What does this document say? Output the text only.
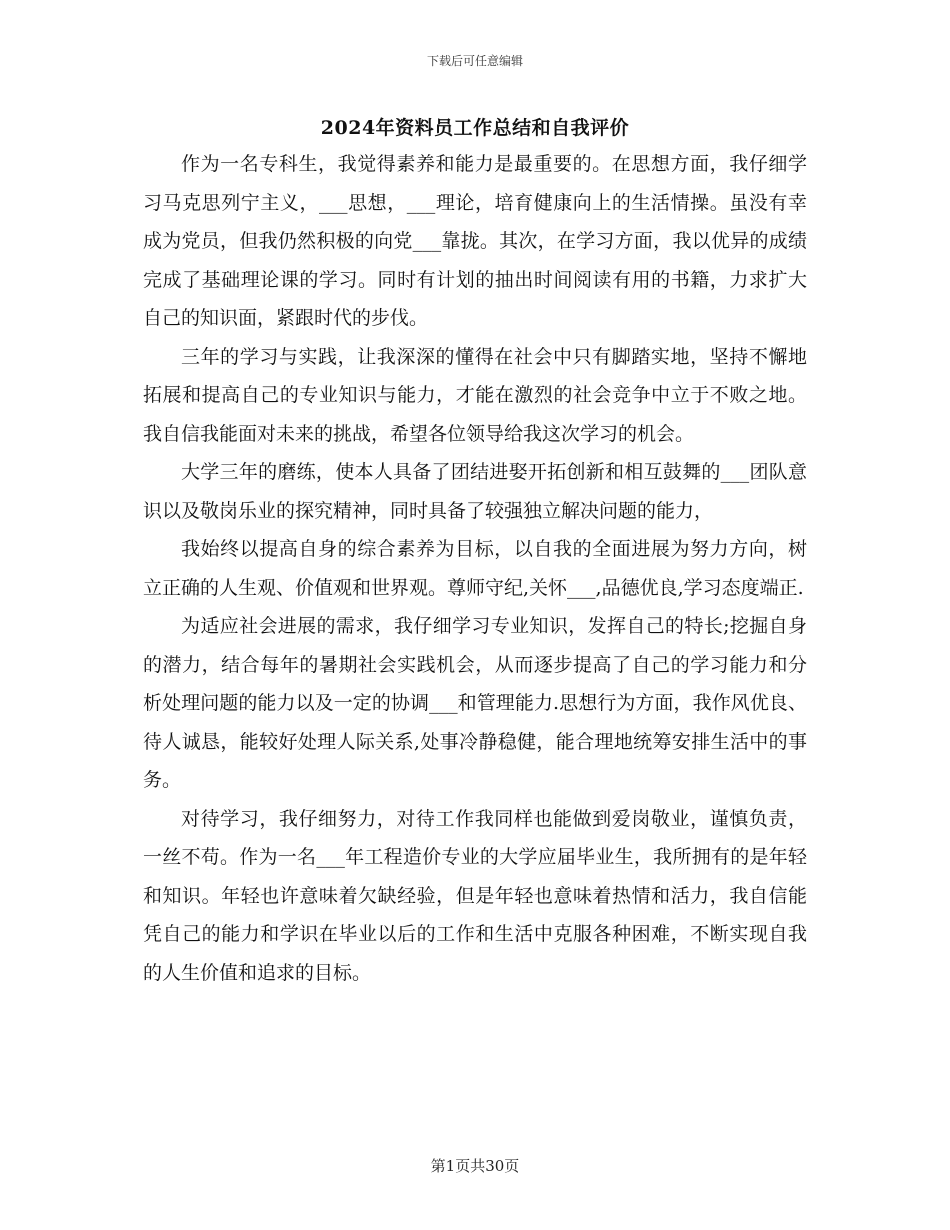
下载后可任意编辑
2024年资料员工作总结和自我评价

作为一名专科生，我觉得素养和能力是最重要的。在思想方面，我仔细学习马克思列宁主义，___思想，___理论，培育健康向上的生活情操。虽没有幸成为党员，但我仍然积极的向党___靠拢。其次，在学习方面，我以优异的成绩完成了基础理论课的学习。同时有计划的抽出时间阅读有用的书籍，力求扩大自己的知识面，紧跟时代的步伐。

三年的学习与实践，让我深深的懂得在社会中只有脚踏实地，坚持不懈地拓展和提高自己的专业知识与能力，才能在激烈的社会竞争中立于不败之地。我自信我能面对未来的挑战，希望各位领导给我这次学习的机会。

大学三年的磨练，使本人具备了团结进娶开拓创新和相互鼓舞的___团队意识以及敬岗乐业的探究精神，同时具备了较强独立解决问题的能力，

我始终以提高自身的综合素养为目标，以自我的全面进展为努力方向，树立正确的人生观、价值观和世界观。尊师守纪,关怀___,品德优良,学习态度端正.

为适应社会进展的需求，我仔细学习专业知识，发挥自己的特长;挖掘自身的潜力，结合每年的暑期社会实践机会，从而逐步提高了自己的学习能力和分析处理问题的能力以及一定的协调___和管理能力.思想行为方面，我作风优良、待人诚恳，能较好处理人际关系,处事冷静稳健，能合理地统筹安排生活中的事务。

对待学习，我仔细努力，对待工作我同样也能做到爱岗敬业，谨慎负责，一丝不苟。作为一名___年工程造价专业的大学应届毕业生，我所拥有的是年轻和知识。年轻也许意味着欠缺经验，但是年轻也意味着热情和活力，我自信能凭自己的能力和学识在毕业以后的工作和生活中克服各种困难，不断实现自我的人生价值和追求的目标。

第1页共30页
